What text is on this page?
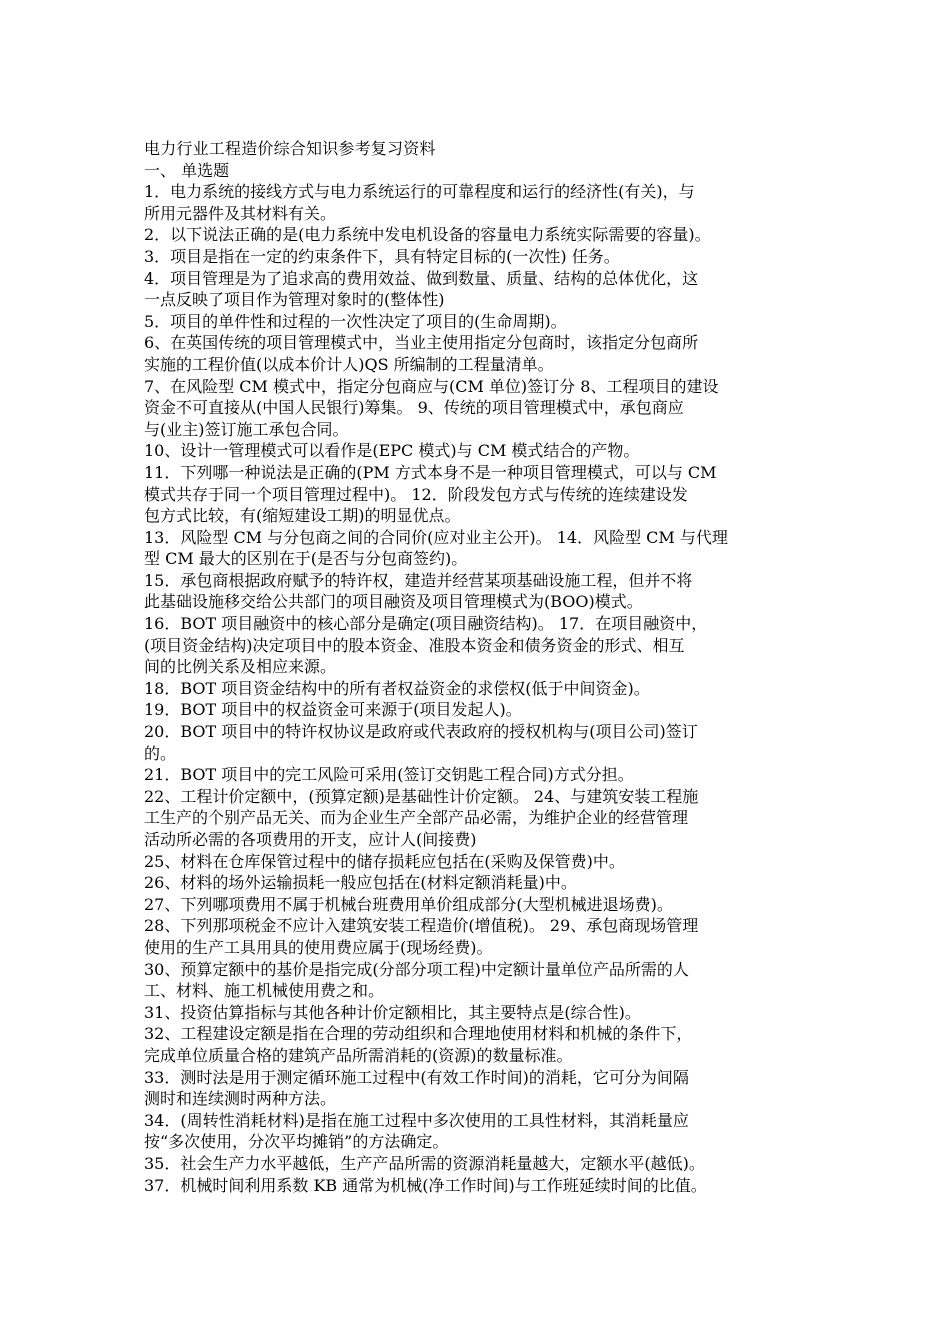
电力行业工程造价综合知识参考复习资料
一、 单选题
1．电力系统的接线方式与电力系统运行的可靠程度和运行的经济性(有关)，与
所用元器件及其材料有关。
2．以下说法正确的是(电力系统中发电机设备的容量电力系统实际需要的容量)。
3．项目是指在一定的约束条件下，具有特定目标的(一次性) 任务。
4．项目管理是为了追求高的费用效益、做到数量、质量、结构的总体优化，这
一点反映了项目作为管理对象时的(整体性)
5．项目的单件性和过程的一次性决定了项目的(生命周期)。
6、在英国传统的项目管理模式中，当业主使用指定分包商时，该指定分包商所
实施的工程价值(以成本价计人)QS 所编制的工程量清单。
7、在风险型 CM 模式中，指定分包商应与(CM 单位)签订分 8、工程项目的建设
资金不可直接从(中国人民银行)筹集。 9、传统的项目管理模式中，承包商应
与(业主)签订施工承包合同。
10、设计一管理模式可以看作是(EPC 模式)与 CM 模式结合的产物。
11．下列哪一种说法是正确的(PM 方式本身不是一种项目管理模式，可以与 CM
模式共存于同一个项目管理过程中)。 12．阶段发包方式与传统的连续建设发
包方式比较，有(缩短建设工期)的明显优点。
13．风险型 CM 与分包商之间的合同价(应对业主公开)。 14．风险型 CM 与代理
型 CM 最大的区别在于(是否与分包商签约)。
15．承包商根据政府赋予的特许权，建造并经营某项基础设施工程，但并不将
此基础设施移交给公共部门的项目融资及项目管理模式为(BOO)模式。
16．BOT 项目融资中的核心部分是确定(项目融资结构)。 17．在项目融资中，
(项目资金结构)决定项目中的股本资金、准股本资金和债务资金的形式、相互
间的比例关系及相应来源。
18．BOT 项目资金结构中的所有者权益资金的求偿权(低于中间资金)。
19．BOT 项目中的权益资金可来源于(项目发起人)。
20．BOT 项目中的特许权协议是政府或代表政府的授权机构与(项目公司)签订
的。
21．BOT 项目中的完工风险可采用(签订交钥匙工程合同)方式分担。
22、工程计价定额中，(预算定额)是基础性计价定额。 24、与建筑安装工程施
工生产的个别产品无关、而为企业生产全部产品必需，为维护企业的经营管理
活动所必需的各项费用的开支，应计人(间接费)
25、材料在仓库保管过程中的储存损耗应包括在(采购及保管费)中。
26、材料的场外运输损耗一般应包括在(材料定额消耗量)中。
27、下列哪项费用不属于机械台班费用单价组成部分(大型机械进退场费)。
28、下列那项税金不应计入建筑安装工程造价(增值税)。 29、承包商现场管理
使用的生产工具用具的使用费应属于(现场经费)。
30、预算定额中的基价是指完成(分部分项工程)中定额计量单位产品所需的人
工、材料、施工机械使用费之和。
31、投资估算指标与其他各种计价定额相比，其主要特点是(综合性)。
32、工程建设定额是指在合理的劳动组织和合理地使用材料和机械的条件下，
完成单位质量合格的建筑产品所需消耗的(资源)的数量标准。
33．测时法是用于测定循环施工过程中(有效工作时间)的消耗，它可分为间隔
测时和连续测时两种方法。
34．(周转性消耗材料)是指在施工过程中多次使用的工具性材料，其消耗量应
按“多次使用，分次平均摊销”的方法确定。
35．社会生产力水平越低，生产产品所需的资源消耗量越大，定额水平(越低)。
37．机械时间利用系数 KB 通常为机械(净工作时间)与工作班延续时间的比值。
